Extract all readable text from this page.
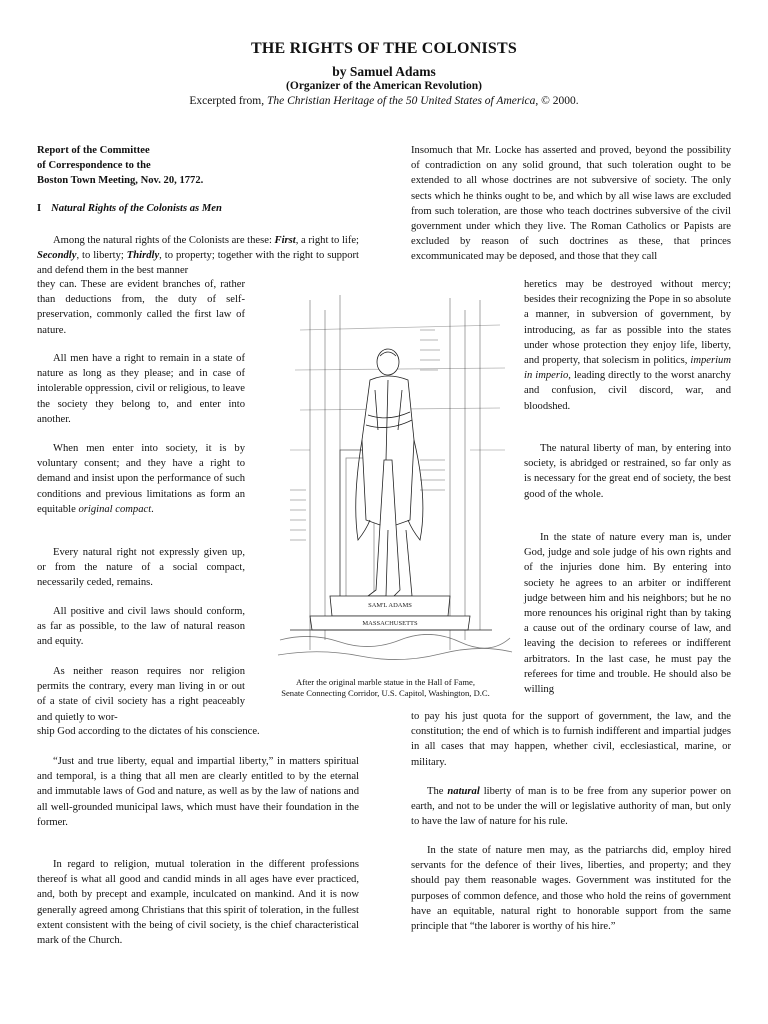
THE RIGHTS OF THE COLONISTS
by Samuel Adams
(Organizer of the American Revolution)
Excerpted from, The Christian Heritage of the 50 United States of America, © 2000.
Report of the Committee
of Correspondence to the
Boston Town Meeting, Nov. 20, 1772.
I Natural Rights of the Colonists as Men

Among the natural rights of the Colonists are these: First, a right to life; Secondly, to liberty; Thirdly, to property; together with the right to support and defend them in the best manner

they can. These are evident branches of, rather than deductions from, the duty of self-preservation, commonly called the first law of nature.

All men have a right to remain in a state of nature as long as they please; and in case of intolerable oppression, civil or religious, to leave the society they belong to, and enter into another.

When men enter into society, it is by voluntary consent; and they have a right to demand and insist upon the performance of such conditions and previous limitations as form an equitable original compact.

Every natural right not expressly given up, or from the nature of a social compact, necessarily ceded, remains.

All positive and civil laws should conform, as far as possible, to the law of natural reason and equity.

As neither reason requires nor religion permits the contrary, every man living in or out of a state of civil society has a right peaceably and quietly to wor-

ship God according to the dictates of his conscience.

“Just and true liberty, equal and impartial liberty,” in matters spiritual and temporal, is a thing that all men are clearly entitled to by the eternal and immutable laws of God and nature, as well as by the law of nations and all well-grounded municipal laws, which must have their foundation in the former.

In regard to religion, mutual toleration in the different professions thereof is what all good and candid minds in all ages have ever practiced, and, both by precept and example, inculcated on mankind. And it is now generally agreed among Christians that this spirit of toleration, in the fullest extent consistent with the being of civil society, is the chief characteristical mark of the Church.

Insomuch that Mr. Locke has asserted and proved, beyond the possibility of contradiction on any solid ground, that such toleration ought to be extended to all whose doctrines are not subversive of society. The only sects which he thinks ought to be, and which by all wise laws are excluded from such toleration, are those who teach doctrines subversive of the civil government under which they live. The Roman Catholics or Papists are excluded by reason of such doctrines as these, that princes excommunicated may be deposed, and those that they call

heretics may be destroyed without mercy; besides their recognizing the Pope in so absolute a manner, in subversion of government, by introducing, as far as possible into the states under whose protection they enjoy life, liberty, and property, that solecism in politics, imperium in imperio, leading directly to the worst anarchy and confusion, civil discord, war, and bloodshed.

The natural liberty of man, by entering into society, is abridged or restrained, so far only as is necessary for the great end of society, the best good of the whole.

In the state of nature every man is, under God, judge and sole judge of his own rights and of the injuries done him. By entering into society he agrees to an arbiter or indifferent judge between him and his neighbors; but he no more renounces his original right than by taking a cause out of the ordinary course of law, and leaving the decision to referees or indifferent arbitrators. In the last case, he must pay the referees for time and trouble. He should also be willing

to pay his just quota for the support of government, the law, and the constitution; the end of which is to furnish indifferent and impartial judges in all cases that may happen, whether civil, ecclesiastical, marine, or military.

The natural liberty of man is to be free from any superior power on earth, and not to be under the will or legislative authority of man, but only to have the law of nature for his rule.

In the state of nature men may, as the patriarchs did, employ hired servants for the defence of their lives, liberties, and property; and they should pay them reasonable wages. Government was instituted for the purposes of common defence, and those who hold the reins of government have an equitable, natural right to honorable support from the same principle that “the laborer is worthy of his hire.”

SAM'L ADAMS
MASSACHUSETTS
After the original marble statue in the Hall of Fame,
Senate Connecting Corridor, U.S. Capitol, Washington, D.C.
